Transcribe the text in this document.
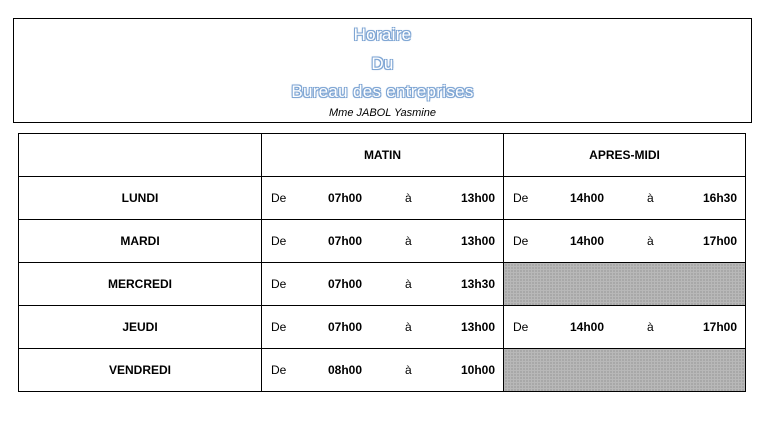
Horaire
Du
Bureau des entreprises
Mme JABOL Yasmine
	MATIN	APRES-MIDI
LUNDI	De 07h00 à 13h00	De 14h00 à 16h30

MARDI	De 07h00 à 13h00	De 14h00 à 17h00

MERCREDI	De 07h00 à 13h30	

JEUDI	De 07h00 à 13h00	De 14h00 à 17h00

VENDREDI	De 08h00 à 10h00	
